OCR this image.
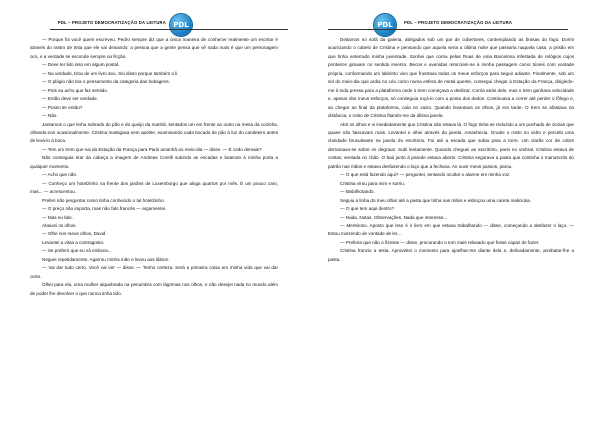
PDL – PROJETO DEMOCRATIZAÇÃO DA LEITURA	PDL

— Porque foi você quem escreveu. Pedro sempre diz que a única maneira de conhecer realmente um escritor é através do rastro de tinta que ele vai deixando: a pessoa que a gente pensa que vê nada mais é que um personagem oco, e a verdade se esconde sempre na ficção.

— Deve ter lido isso em algum postal.

— Na verdade, tirou de um livro seu. Sei disso porque também o li.

— O plágio não tira o pensamento da categoria das bobagens.

— Pois eu acho que faz sentido.

— Então deve ser verdade.

— Posso ler então?

— Não.

Jantamos o que tinha sobrado do pão e do queijo da manhã, sentados um em frente ao outro na mesa da cozinha, olhando-nos ocasionalmente. Cristina mastigava sem apetite, examinando cada bocado de pão à luz do candeeiro antes de levá-lo à boca.

— Tem um trem que sai da Estação da França para Paris amanhã ao meio-dia — disse. — É cedo demais?

Não conseguia tirar da cabeça a imagem de Andreas Corelli subindo as escadas e batendo à minha porta a qualquer momento.

— Acho que não.

— Conheço um hotelzinho na frente dos jardins de Luxemburgo que aluga quartos por mês. É um pouco caro, mas... — acrescentou.

Preferi não perguntar como tinha conhecido o tal hotelzinho.

— O preço não importa, mas não falo francês — argumentei.

— Mas eu falo.

Abaixei os olhos.

— Olhe nos meus olhos, David.

Levantei a vista a contragosto.

— Se preferir que eu vá embora...

Neguei repetidamente. Agarrou minha mão e levou aos lábios.

— Vai dar tudo certo. Você vai ver — disse. — Tenho certeza. Será a primeira coisa em minha vida que vai dar certo.

Olhei para ela, uma mulher alquebrada na penumbra com lágrimas nos olhos, e não desejei nada no mundo além de poder lhe devolver o que nunca tinha tido.

PDL – PROJETO DEMOCRATIZAÇÃO DA LEITURA
PDL

Deitamos no sofá da galeria, abrigados sob um par de cobertores, contemplando as brasas do fogo. Dormi acariciando o cabelo de Cristina e pensando que aquela seria a última noite que passaria naquela casa, a prisão em que tinha enterrado minha juventude. Sonhei que corria pelas Ruas de uma Barcelona infestada de relógios cujos ponteiros giravam no sentido inverso. Becos e avenidas retorciam-se à minha passagem como túneis com vontade própria, conformando um labirinto vivo que frustrava todos os meus esforços para seguir adiante. Finalmente, sob um sol do meio-dia que ardia no céu como numa esfera de metal quente, consegui chegar à Estação da França, dirigindo-me à toda pressa para a plataforma onde o trem começava a deslizar. Corria atrás dele, mas o trem ganhava velocidade e, apesar dos meus esforços, só conseguia roçá-lo com a ponta dos dedos. Continuava a correr até perder o fôlego e, ao chegar ao final da plataforma, caía no vazio. Quando levantava os olhos, já era tarde. O trem se afastava na distância, o rosto de Cristina fitando-me da última janela.

Abri os olhos e vi imediatamente que Cristina não estava lá. O fogo tinha se reduzido a um punhado de cinzas que quase não faiscavam mais. Levantei e olhei através da janela. Amanhecia. Grudei o rosto no vidro e percebi uma claridade bruxuleante na janela do escritório. Fui até a escada que subia para a torre. Um clarão cor de cobre derramava-se sobre os degraus. Subi lentamente. Quando cheguei ao escritório, parei no umbral. Cristina estava de costas, sentada no chão. O baú junto à parede estava aberto. Cristina segurava a pasta que continha o manuscrito do patrão nas mãos e estava desfazendo o laço que a fechava. Ao ouvir meus passos, parou.

— O que está fazendo aqui? — perguntei, tentando ocultar o alarme em minha voz.

Cristina virou para mim e sorriu.

— Bisbilhotando.

Seguiu a linha do meu olhar até a pasta que tinha nas mãos e esboçou uma careta maliciosa.

— O que tem aqui dentro?

— Nada. Notas. Observações. Nada que interesse...

— Mentiroso. Aposto que isso é o livro em que estava trabalhando — disse, começando a desfazer o laço. — Estou morrendo de vontade de ler...

— Preferia que não o fizesse — disse, procurando o tom mais relaxado que fosse capaz de fazer.

Cristina franziu a testa. Aproveitei o momento para ajoelhar-me diante dela e, delicadamente, arrebatar-lhe a pasta.
